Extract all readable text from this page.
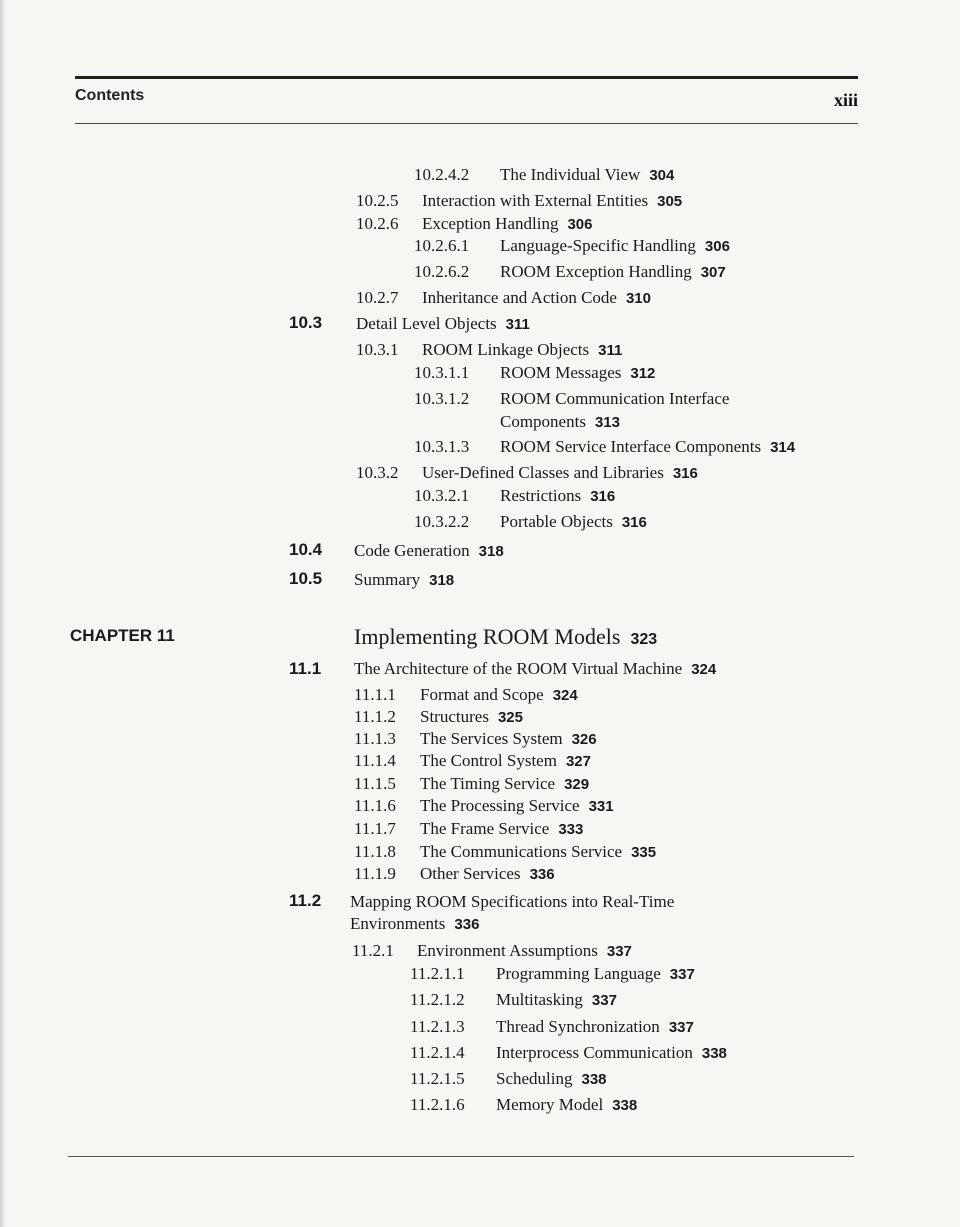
Contents	xiii
10.2.4.2 The Individual View 304
10.2.5 Interaction with External Entities 305
10.2.6 Exception Handling 306
10.2.6.1 Language-Specific Handling 306
10.2.6.2 ROOM Exception Handling 307
10.2.7 Inheritance and Action Code 310
10.3 Detail Level Objects 311
10.3.1 ROOM Linkage Objects 311
10.3.1.1 ROOM Messages 312
10.3.1.2 ROOM Communication Interface
Components 313
10.3.1.3 ROOM Service Interface Components 314
10.3.2 User-Defined Classes and Libraries 316
10.3.2.1 Restrictions 316
10.3.2.2 Portable Objects 316
10.4 Code Generation 318
10.5 Summary 318
CHAPTER 11	Implementing ROOM Models 323
11.1 The Architecture of the ROOM Virtual Machine 324
11.1.1 Format and Scope 324
11.1.2 Structures 325
11.1.3 The Services System 326
11.1.4 The Control System 327
11.1.5 The Timing Service 329
11.1.6 The Processing Service 331
11.1.7 The Frame Service 333
11.1.8 The Communications Service 335
11.1.9 Other Services 336
11.2 Mapping ROOM Specifications into Real-Time
Environments 336
11.2.1 Environment Assumptions 337
11.2.1.1 Programming Language 337
11.2.1.2 Multitasking 337
11.2.1.3 Thread Synchronization 337
11.2.1.4 Interprocess Communication 338
11.2.1.5 Scheduling 338
11.2.1.6 Memory Model 338
